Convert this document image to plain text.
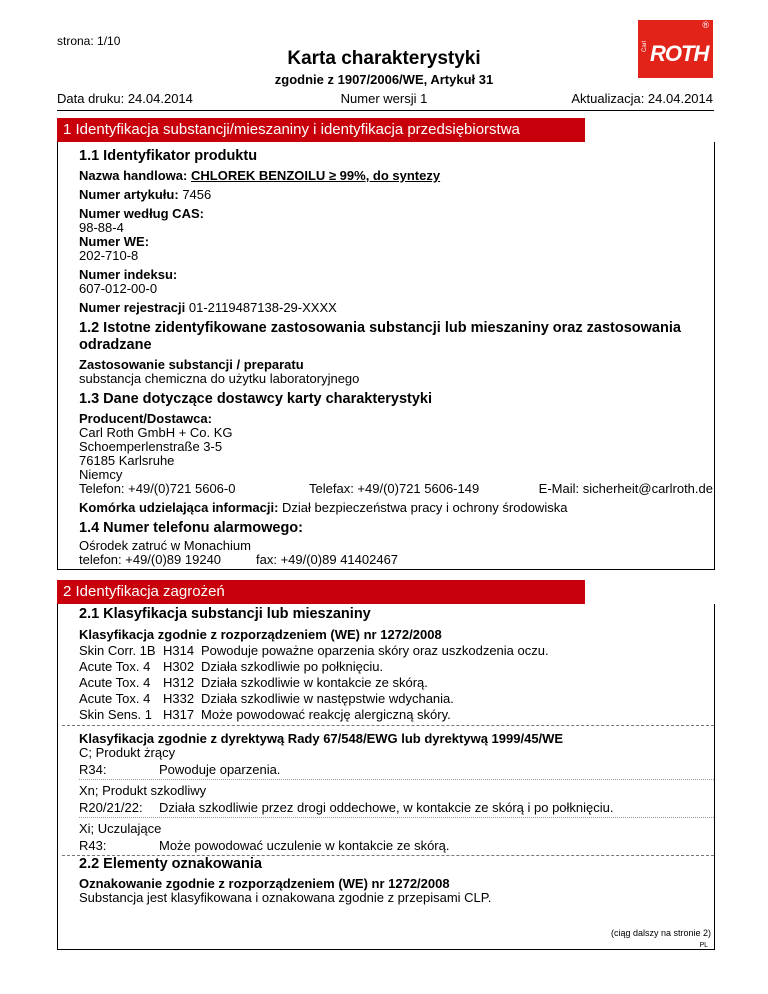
strona: 1/10
Karta charakterystyki
zgodnie z 1907/2006/WE, Artykuł 31
®
Carl ROTH
Data druku: 24.04.2014	Numer wersji 1	Aktualizacja: 24.04.2014
1 Identyfikacja substancji/mieszaniny i identyfikacja przedsiębiorstwa
1.1 Identyfikator produktu
Nazwa handlowa: CHLOREK BENZOILU ≥ 99%, do syntezy
Numer artykułu: 7456
Numer według CAS:
98-88-4
Numer WE:
202-710-8
Numer indeksu:
607-012-00-0
Numer rejestracji 01-2119487138-29-XXXX
1.2 Istotne zidentyfikowane zastosowania substancji lub mieszaniny oraz zastosowania
odradzane
Zastosowanie substancji / preparatu
substancja chemiczna do użytku laboratoryjnego
1.3 Dane dotyczące dostawcy karty charakterystyki
Producent/Dostawca:
Carl Roth GmbH + Co. KG
Schoemperlenstraße 3-5
76185 Karlsruhe
Niemcy
Telefon: +49/(0)721 5606-0	Telefax: +49/(0)721 5606-149	E-Mail: sicherheit@carlroth.de
Komórka udzielająca informacji: Dział bezpieczeństwa pracy i ochrony środowiska
1.4 Numer telefonu alarmowego:
Ośrodek zatruć w Monachium
telefon: +49/(0)89 19240	fax: +49/(0)89 41402467
2 Identyfikacja zagrożeń
2.1 Klasyfikacja substancji lub mieszaniny
Klasyfikacja zgodnie z rozporządzeniem (WE) nr 1272/2008
Skin Corr. 1B H314 Powoduje poważne oparzenia skóry oraz uszkodzenia oczu.
Acute Tox. 4 H302 Działa szkodliwie po połknięciu.
Acute Tox. 4 H312 Działa szkodliwie w kontakcie ze skórą.
Acute Tox. 4 H332 Działa szkodliwie w następstwie wdychania.
Skin Sens. 1 H317 Może powodować reakcję alergiczną skóry.
Klasyfikacja zgodnie z dyrektywą Rady 67/548/EWG lub dyrektywą 1999/45/WE
C; Produkt żrący
R34:	Powoduje oparzenia.
Xn; Produkt szkodliwy
R20/21/22: Działa szkodliwie przez drogi oddechowe, w kontakcie ze skórą i po połknięciu.
Xi; Uczulające
R43:	Może powodować uczulenie w kontakcie ze skórą.
2.2 Elementy oznakowania
Oznakowanie zgodnie z rozporządzeniem (WE) nr 1272/2008
Substancja jest klasyfikowana i oznakowana zgodnie z przepisami CLP.
(ciąg dalszy na stronie 2)
PL
